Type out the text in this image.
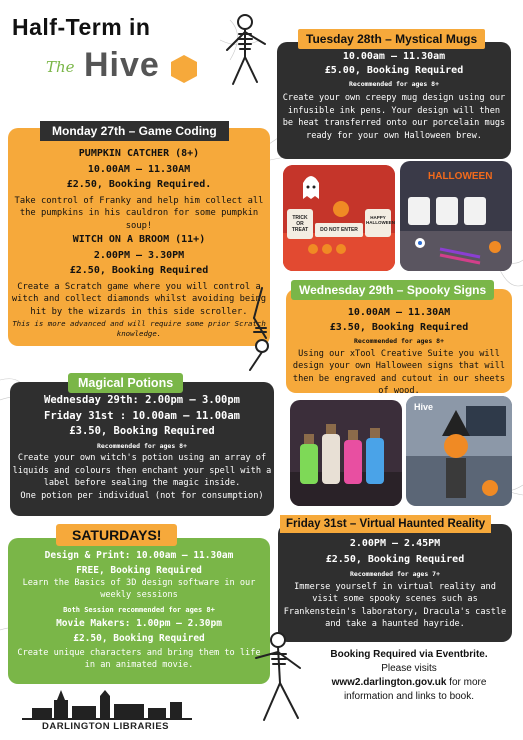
Half-Term in
The Hive
Tuesday 28th – Mystical Mugs
10.00am – 11.30am
£5.00, Booking Required
Recommended for ages 8+
Create your own creepy mug design using our infusible ink pens. Your design will then be heat transferred onto our porcelain mugs ready for your own Halloween brew.
Monday 27th – Game Coding
PUMPKIN CATCHER (8+)
10.00AM – 11.30AM
£2.50, Booking Required.
Take control of Franky and help him collect all the pumpkins in his cauldron for some pumpkin soup!
WITCH ON A BROOM (11+)
2.00PM – 3.30PM
£2.50, Booking Required
Create a Scratch game where you will control a witch and collect diamonds whilst avoiding being hit by the wizards in this side scroller.
This is more advanced and will require some prior Scratch knowledge.
TRICK OR TREAT	DO NOT ENTER
HAPPY HALLOWEEN
HALLOWEEN
Wednesday 29th – Spooky Signs
10.00AM – 11.30AM
£3.50, Booking Required
Recommended for ages 8+
Using our xTool Creative Suite you will design your own Halloween signs that will then be engraved and cutout in our sheets of wood.
Magical Potions
Wednesday 29th: 2.00pm – 3.00pm
Friday 31st : 10.00am – 11.00am
£3.50, Booking Required
Recommended for ages 8+
Create your own witch's potion using an array of liquids and colours then enchant your spell with a label before sealing the magic inside.
One potion per individual (not for consumption)
Hive
Friday 31st – Virtual Haunted Reality
2.00PM – 2.45PM
£2.50, Booking Required
Recommended for ages 7+
Immerse yourself in virtual reality and visit some spooky scenes such as Frankenstein's laboratory, Dracula's castle and take a haunted hayride.
SATURDAYS!
Design & Print: 10.00am – 11.30am
FREE, Booking Required
Learn the Basics of 3D design software in our weekly sessions
Both Session recommended for ages 8+
Movie Makers: 1.00pm – 2.30pm
£2.50, Booking Required
Create unique characters and bring them to life in an animated movie.
Booking Required via Eventbrite.
Please visits
www2.darlington.gov.uk for more information and links to book.
DARLINGTON LIBRARIES
